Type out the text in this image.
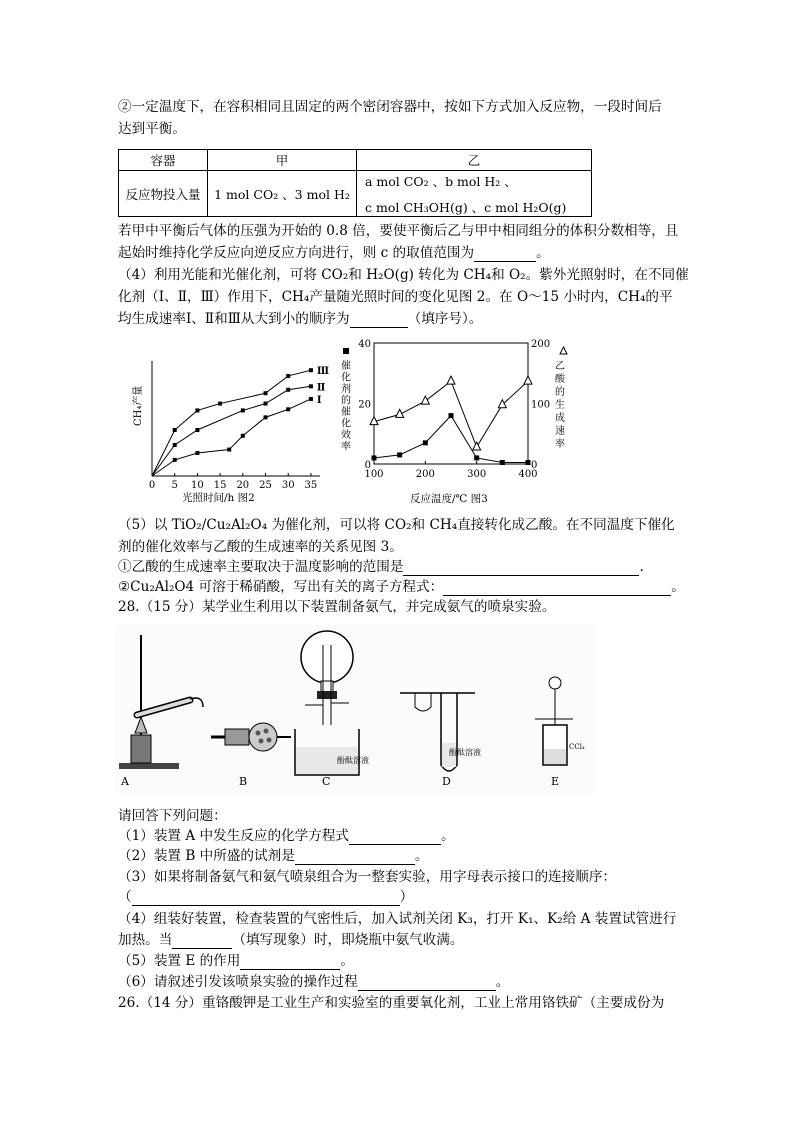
②一定温度下，在容积相同且固定的两个密闭容器中，按如下方式加入反应物，一段时间后
达到平衡。
容器	甲	乙
反应物投入量	1 mol CO₂ 、3 mol H₂	a mol CO₂ 、b mol H₂ 、
c mol CH₃OH(g) 、c mol H₂O(g)
若甲中平衡后气体的压强为开始的 0.8 倍，要使平衡后乙与甲中相同组分的体积分数相等，且
起始时维持化学反应向逆反应方向进行，则 c 的取值范围为	。
（4）利用光能和光催化剂，可将 CO₂和 H₂O(g) 转化为 CH₄和 O₂。紫外光照射时，在不同催
化剂（Ⅰ、Ⅱ，Ⅲ）作用下，CH₄产量随光照时间的变化见图 2。在 O～15 小时内，CH₄的平
均生成速率Ⅰ、Ⅱ和Ⅲ从大到小的顺序为	（填序号）。
0 5 10 15 20 25 30 35
Ⅲ
Ⅱ
Ⅰ
CH₄产量
光照时间/h 图2
100	200	300	400
0
20
40
0
100
200
催
化
剂
的
催
化
效
率
乙
酸
的
生
成
速
率
反应温度/℃ 图3
（5）以 TiO₂/Cu₂Al₂O₄ 为催化剂，可以将 CO₂和 CH₄直接转化成乙酸。在不同温度下催化
剂的催化效率与乙酸的生成速率的关系见图 3。
①乙酸的生成速率主要取决于温度影响的范围是	.
②Cu₂Al₂O4 可溶于稀硝酸，写出有关的离子方程式：	。
28.（15 分）某学业生利用以下装置制备氨气，并完成氨气的喷泉实验。
A	B
酚酞溶液
C
酚酞溶液
D
CCl₄
E
请回答下列问题：
（1）装置 A 中发生反应的化学方程式	。
（2）装置 B 中所盛的试剂是	。
（3）如果将制备氨气和氨气喷泉组合为一整套实验，用字母表示接口的连接顺序：
（	）
（4）组装好装置，检查装置的气密性后，加入试剂关闭 K₃，打开 K₁、K₂给 A 装置试管进行
加热。当	（填写现象）时，即烧瓶中氨气收满。
（5）装置 E 的作用	。
（6）请叙述引发该喷泉实验的操作过程	。
26.（14 分）重铬酸钾是工业生产和实验室的重要氧化剂，工业上常用铬铁矿（主要成份为
